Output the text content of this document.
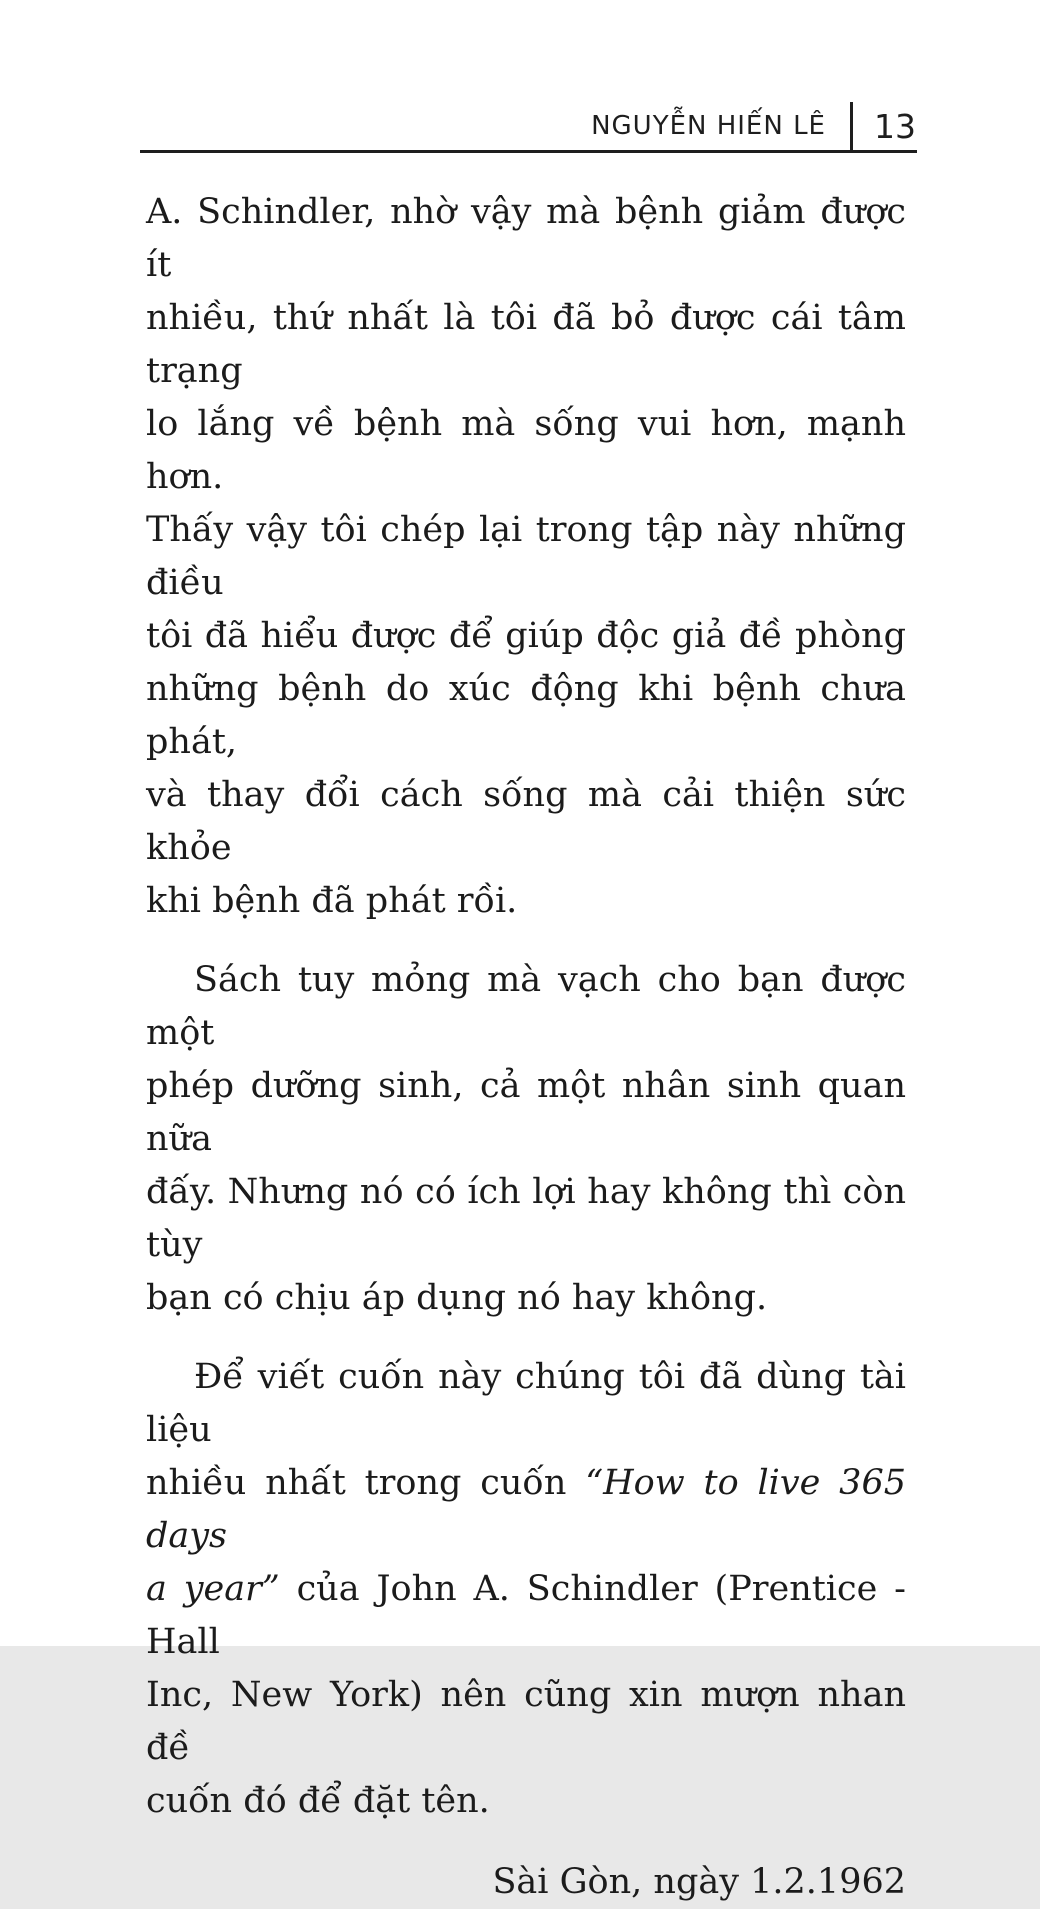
NGUYỄN HIẾN LÊ 13
A. Schindler, nhờ vậy mà bệnh giảm được ít
nhiều, thứ nhất là tôi đã bỏ được cái tâm trạng
lo lắng về bệnh mà sống vui hơn, mạnh hơn.
Thấy vậy tôi chép lại trong tập này những điều
tôi đã hiểu được để giúp độc giả đề phòng
những bệnh do xúc động khi bệnh chưa phát,
và thay đổi cách sống mà cải thiện sức khỏe
khi bệnh đã phát rồi.
Sách tuy mỏng mà vạch cho bạn được một
phép dưỡng sinh, cả một nhân sinh quan nữa
đấy. Nhưng nó có ích lợi hay không thì còn tùy
bạn có chịu áp dụng nó hay không.
Để viết cuốn này chúng tôi đã dùng tài liệu
nhiều nhất trong cuốn “How to live 365 days
a year” của John A. Schindler (Prentice - Hall
Inc, New York) nên cũng xin mượn nhan đề
cuốn đó để đặt tên.
Sài Gòn, ngày 1.2.1962
